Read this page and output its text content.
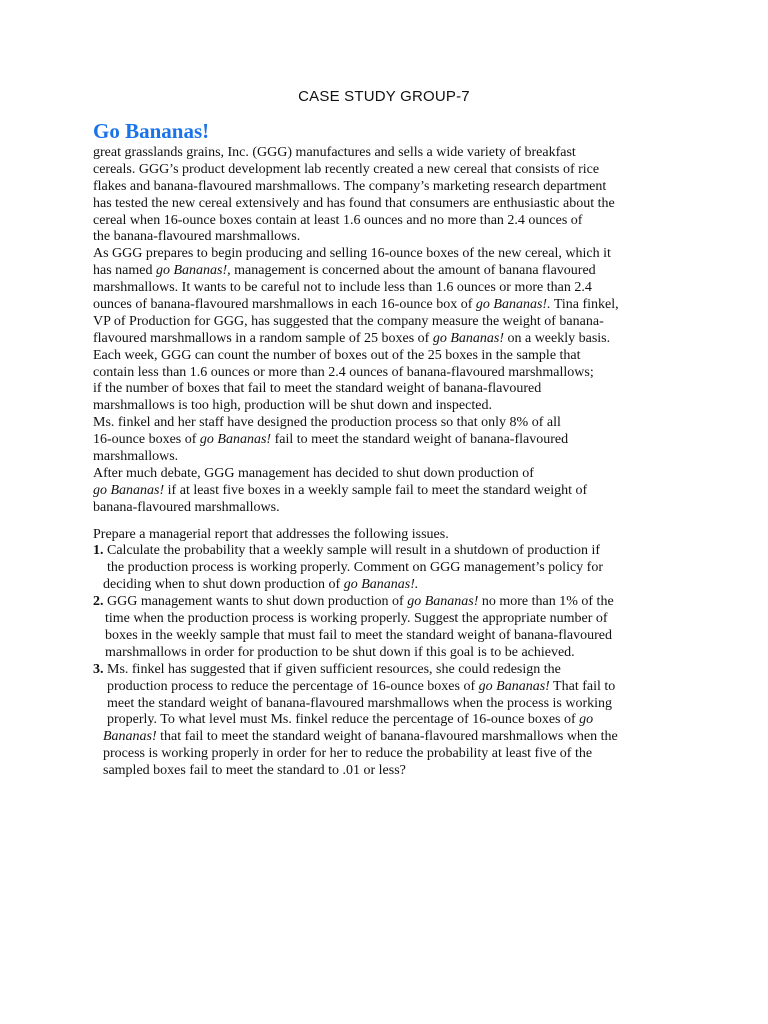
CASE STUDY GROUP-7
Go Bananas!
great grasslands grains, Inc. (GGG) manufactures and sells a wide variety of breakfast
cereals. GGG’s product development lab recently created a new cereal that consists of rice
flakes and banana-flavoured marshmallows. The company’s marketing research department
has tested the new cereal extensively and has found that consumers are enthusiastic about the
cereal when 16-ounce boxes contain at least 1.6 ounces and no more than 2.4 ounces of
the banana-flavoured marshmallows.
As GGG prepares to begin producing and selling 16-ounce boxes of the new cereal, which it
has named go Bananas!, management is concerned about the amount of banana flavoured
marshmallows. It wants to be careful not to include less than 1.6 ounces or more than 2.4
ounces of banana-flavoured marshmallows in each 16-ounce box of go Bananas!. Tina finkel,
VP of Production for GGG, has suggested that the company measure the weight of banana-
flavoured marshmallows in a random sample of 25 boxes of go Bananas! on a weekly basis.
Each week, GGG can count the number of boxes out of the 25 boxes in the sample that
contain less than 1.6 ounces or more than 2.4 ounces of banana-flavoured marshmallows;
if the number of boxes that fail to meet the standard weight of banana-flavoured
marshmallows is too high, production will be shut down and inspected.
Ms. finkel and her staff have designed the production process so that only 8% of all
16-ounce boxes of go Bananas! fail to meet the standard weight of banana-flavoured
marshmallows.
After much debate, GGG management has decided to shut down production of
go Bananas! if at least five boxes in a weekly sample fail to meet the standard weight of
banana-flavoured marshmallows.
Prepare a managerial report that addresses the following issues.
1. Calculate the probability that a weekly sample will result in a shutdown of production if
the production process is working properly. Comment on GGG management’s policy for
deciding when to shut down production of go Bananas!.
2. GGG management wants to shut down production of go Bananas! no more than 1% of the
time when the production process is working properly. Suggest the appropriate number of
boxes in the weekly sample that must fail to meet the standard weight of banana-flavoured
marshmallows in order for production to be shut down if this goal is to be achieved.
3. Ms. finkel has suggested that if given sufficient resources, she could redesign the
production process to reduce the percentage of 16-ounce boxes of go Bananas! That fail to
meet the standard weight of banana-flavoured marshmallows when the process is working
properly. To what level must Ms. finkel reduce the percentage of 16-ounce boxes of go
Bananas! that fail to meet the standard weight of banana-flavoured marshmallows when the
process is working properly in order for her to reduce the probability at least five of the
sampled boxes fail to meet the standard to .01 or less?
